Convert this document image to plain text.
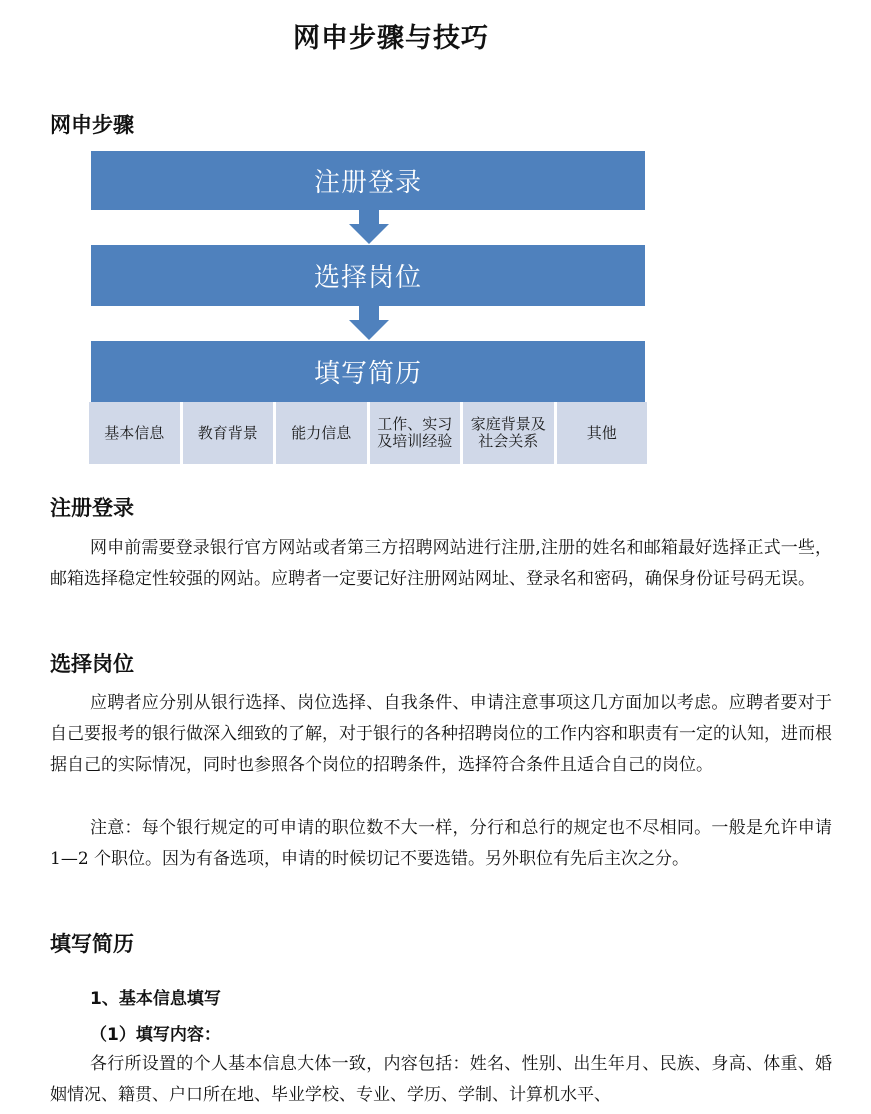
网申步骤与技巧
网申步骤
注册登录
选择岗位
填写简历
基本信息	教育背景	能力信息	工作、实习及培训经验
家庭背景及社会关系	其他
注册登录

网申前需要登录银行官方网站或者第三方招聘网站进行注册,注册的姓名和邮箱最好选择正式一些，邮箱选择稳定性较强的网站。应聘者一定要记好注册网站网址、登录名和密码，确保身份证号码无误。

选择岗位

应聘者应分别从银行选择、岗位选择、自我条件、申请注意事项这几方面加以考虑。应聘者要对于自己要报考的银行做深入细致的了解，对于银行的各种招聘岗位的工作内容和职责有一定的认知，进而根据自己的实际情况，同时也参照各个岗位的招聘条件，选择符合条件且适合自己的岗位。

注意：每个银行规定的可申请的职位数不大一样，分行和总行的规定也不尽相同。一般是允许申请 1—2 个职位。因为有备选项，申请的时候切记不要选错。另外职位有先后主次之分。

填写简历
1、基本信息填写
（1）填写内容：

各行所设置的个人基本信息大体一致，内容包括：姓名、性别、出生年月、民族、身高、体重、婚姻情况、籍贯、户口所在地、毕业学校、专业、学历、学制、计算机水平、
